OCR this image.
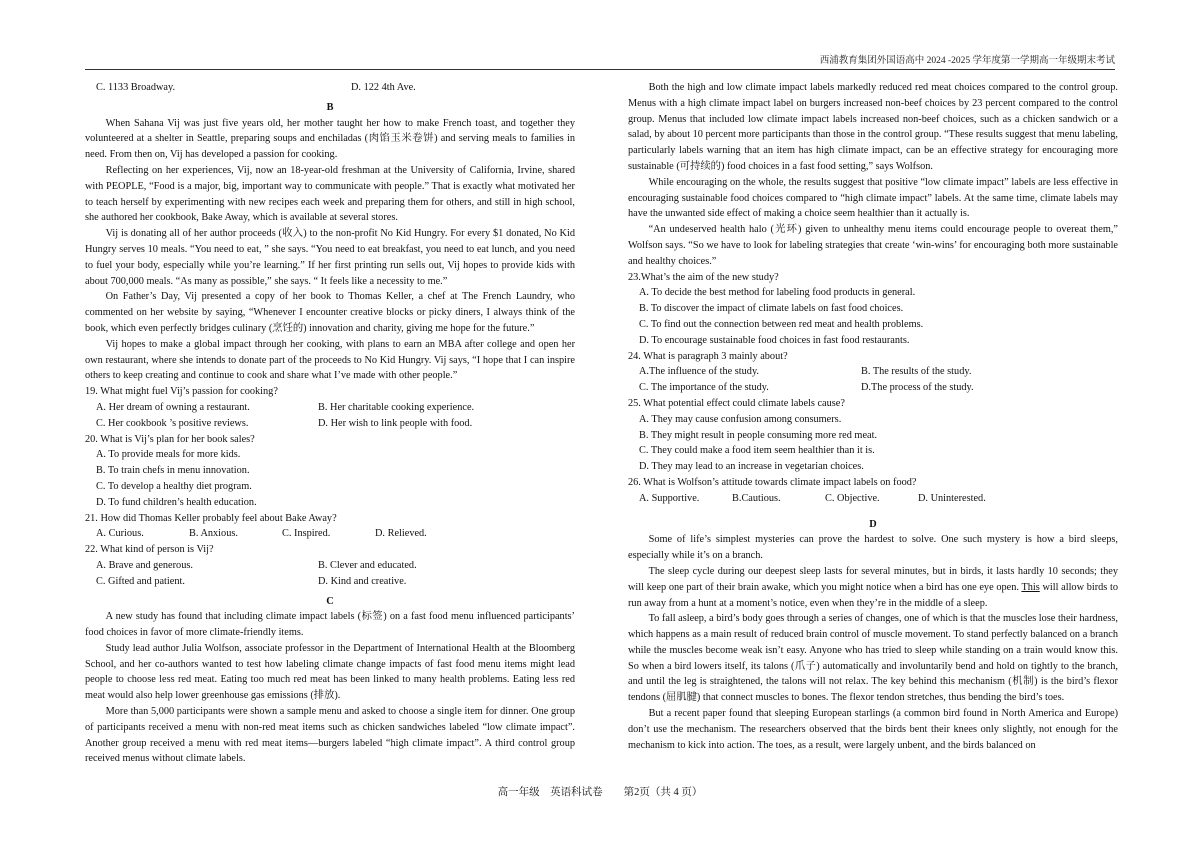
西浦教育集团外国语高中 2024 -2025 学年度第一学期高一年级期末考试
C. 1133 Broadway.	D. 122 4th Ave.

B

When Sahana Vij was just five years old, her mother taught her how to make French toast, and together they volunteered at a shelter in Seattle, preparing soups and enchiladas (肉馅玉米卷饼) and serving meals to families in need. From then on, Vij has developed a passion for cooking.

Reflecting on her experiences, Vij, now an 18-year-old freshman at the University of California, Irvine, shared with PEOPLE, “Food is a major, big, important way to communicate with people.” That is exactly what motivated her to teach herself by experimenting with new recipes each week and preparing them for others, and still in high school, she authored her cookbook, Bake Away, which is available at several stores.

Vij is donating all of her author proceeds (收入) to the non-profit No Kid Hungry. For every $1 donated, No Kid Hungry serves 10 meals. “You need to eat, ” she says. “You need to eat breakfast, you need to eat lunch, and you need to fuel your body, especially while you’re learning.” If her first printing run sells out, Vij hopes to provide kids with about 700,000 meals. “As many as possible,” she says. “ It feels like a necessity to me.”

On Father’s Day, Vij presented a copy of her book to Thomas Keller, a chef at The French Laundry, who commented on her website by saying, “Whenever I encounter creative blocks or picky diners, I always think of the book, which even perfectly bridges culinary (烹饪的) innovation and charity, giving me hope for the future.”

Vij hopes to make a global impact through her cooking, with plans to earn an MBA after college and open her own restaurant, where she intends to donate part of the proceeds to No Kid Hungry. Vij says, “I hope that I can inspire others to keep creating and continue to cook and share what I’ve made with other people.”

19. What might fuel Vij’s passion for cooking?

A. Her dream of owning a restaurant.	B. Her charitable cooking experience.
C. Her cookbook ’s positive reviews.	D. Her wish to link people with food.

20. What is Vij’s plan for her book sales?

A. To provide meals for more kids.

B. To train chefs in menu innovation.

C. To develop a healthy diet program.

D. To fund children’s health education.

21. How did Thomas Keller probably feel about Bake Away?

A. Curious.	B. Anxious.	C. Inspired.	D. Relieved.

22. What kind of person is Vij?

A. Brave and generous.	B. Clever and educated.
C. Gifted and patient.	D. Kind and creative.

C

A new study has found that including climate impact labels (标签) on a fast food menu influenced participants’ food choices in favor of more climate-friendly items.

Study lead author Julia Wolfson, associate professor in the Department of International Health at the Bloomberg School, and her co-authors wanted to test how labeling climate change impacts of fast food menu items might lead people to choose less red meat. Eating too much red meat has been linked to many health problems. Eating less red meat would also help lower greenhouse gas emissions (排放).

More than 5,000 participants were shown a sample menu and asked to choose a single item for dinner. One group of participants received a menu with non-red meat items such as chicken sandwiches labeled “low climate impact”. Another group received a menu with red meat items—burgers labeled “high climate impact”. A third control group received menus without climate labels.

Both the high and low climate impact labels markedly reduced red meat choices compared to the control group. Menus with a high climate impact label on burgers increased non-beef choices by 23 percent compared to the control group. Menus that included low climate impact labels increased non-beef choices, such as a chicken sandwich or a salad, by about 10 percent more participants than those in the control group. “These results suggest that menu labeling, particularly labels warning that an item has high climate impact, can be an effective strategy for encouraging more sustainable (可持续的) food choices in a fast food setting,” says Wolfson.

While encouraging on the whole, the results suggest that positive “low climate impact” labels are less effective in encouraging sustainable food choices compared to “high climate impact” labels. At the same time, climate labels may have the unwanted side effect of making a choice seem healthier than it actually is.

“An undeserved health halo (光环) given to unhealthy menu items could encourage people to overeat them,” Wolfson says. “So we have to look for labeling strategies that create ‘win-wins’ for encouraging both more sustainable and healthy choices.”

23.What’s the aim of the new study?

A. To decide the best method for labeling food products in general.

B. To discover the impact of climate labels on fast food choices.

C. To find out the connection between red meat and health problems.

D. To encourage sustainable food choices in fast food restaurants.

24. What is paragraph 3 mainly about?

A.The influence of the study.	B. The results of the study.
C. The importance of the study.	D.The process of the study.

25. What potential effect could climate labels cause?

A. They may cause confusion among consumers.

B. They might result in people consuming more red meat.

C. They could make a food item seem healthier than it is.

D. They may lead to an increase in vegetarian choices.

26. What is Wolfson’s attitude towards climate impact labels on food?

A. Supportive.	B.Cautious.	C. Objective.	D. Uninterested.

D

Some of life’s simplest mysteries can prove the hardest to solve. One such mystery is how a bird sleeps, especially while it’s on a branch.

The sleep cycle during our deepest sleep lasts for several minutes, but in birds, it lasts hardly 10 seconds; they will keep one part of their brain awake, which you might notice when a bird has one eye open. This will allow birds to run away from a hunt at a moment’s notice, even when they’re in the middle of a sleep.

To fall asleep, a bird’s body goes through a series of changes, one of which is that the muscles lose their hardness, which happens as a main result of reduced brain control of muscle movement. To stand perfectly balanced on a branch while the muscles become weak isn’t easy. Anyone who has tried to sleep while standing on a train would know this. So when a bird lowers itself, its talons (爪子) automatically and involuntarily bend and hold on tightly to the branch, and until the leg is straightened, the talons will not relax. The key behind this mechanism (机制) is the bird’s flexor tendons (屈肌腱) that connect muscles to bones. The flexor tendon stretches, thus bending the bird’s toes.

But a recent paper found that sleeping European starlings (a common bird found in North America and Europe) don’t use the mechanism. The researchers observed that the birds bent their knees only slightly, not enough for the mechanism to kick into action. The toes, as a result, were largely unbent, and the birds balanced on

高一年级　英语科试卷　　第2页（共 4 页）
